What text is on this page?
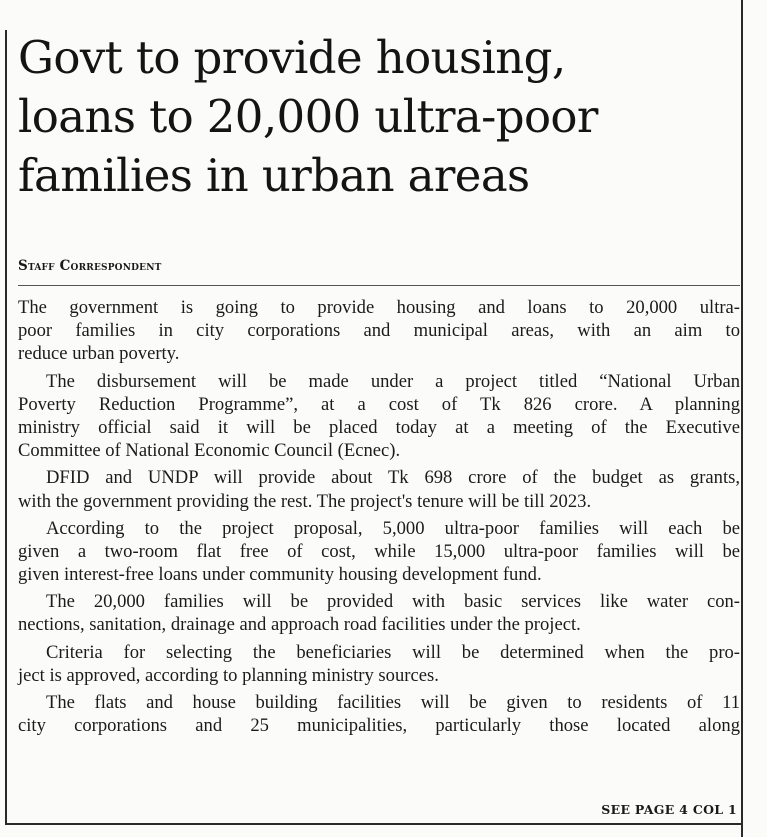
Govt to provide housing,
loans to 20,000 ultra-poor
families in urban areas
Staff Correspondent
The government is going to provide housing and loans to 20,000 ultra-
poor families in city corporations and municipal areas, with an aim to
reduce urban poverty.
The disbursement will be made under a project titled “National Urban
Poverty Reduction Programme”, at a cost of Tk 826 crore. A planning
ministry official said it will be placed today at a meeting of the Executive
Committee of National Economic Council (Ecnec).
DFID and UNDP will provide about Tk 698 crore of the budget as grants,
with the government providing the rest. The project's tenure will be till 2023.
According to the project proposal, 5,000 ultra-poor families will each be
given a two-room flat free of cost, while 15,000 ultra-poor families will be
given interest-free loans under community housing development fund.
The 20,000 families will be provided with basic services like water con-
nections, sanitation, drainage and approach road facilities under the project.
Criteria for selecting the beneficiaries will be determined when the pro-
ject is approved, according to planning ministry sources.
The flats and house building facilities will be given to residents of 11
city corporations and 25 municipalities, particularly those located along
SEE PAGE 4 COL 1
